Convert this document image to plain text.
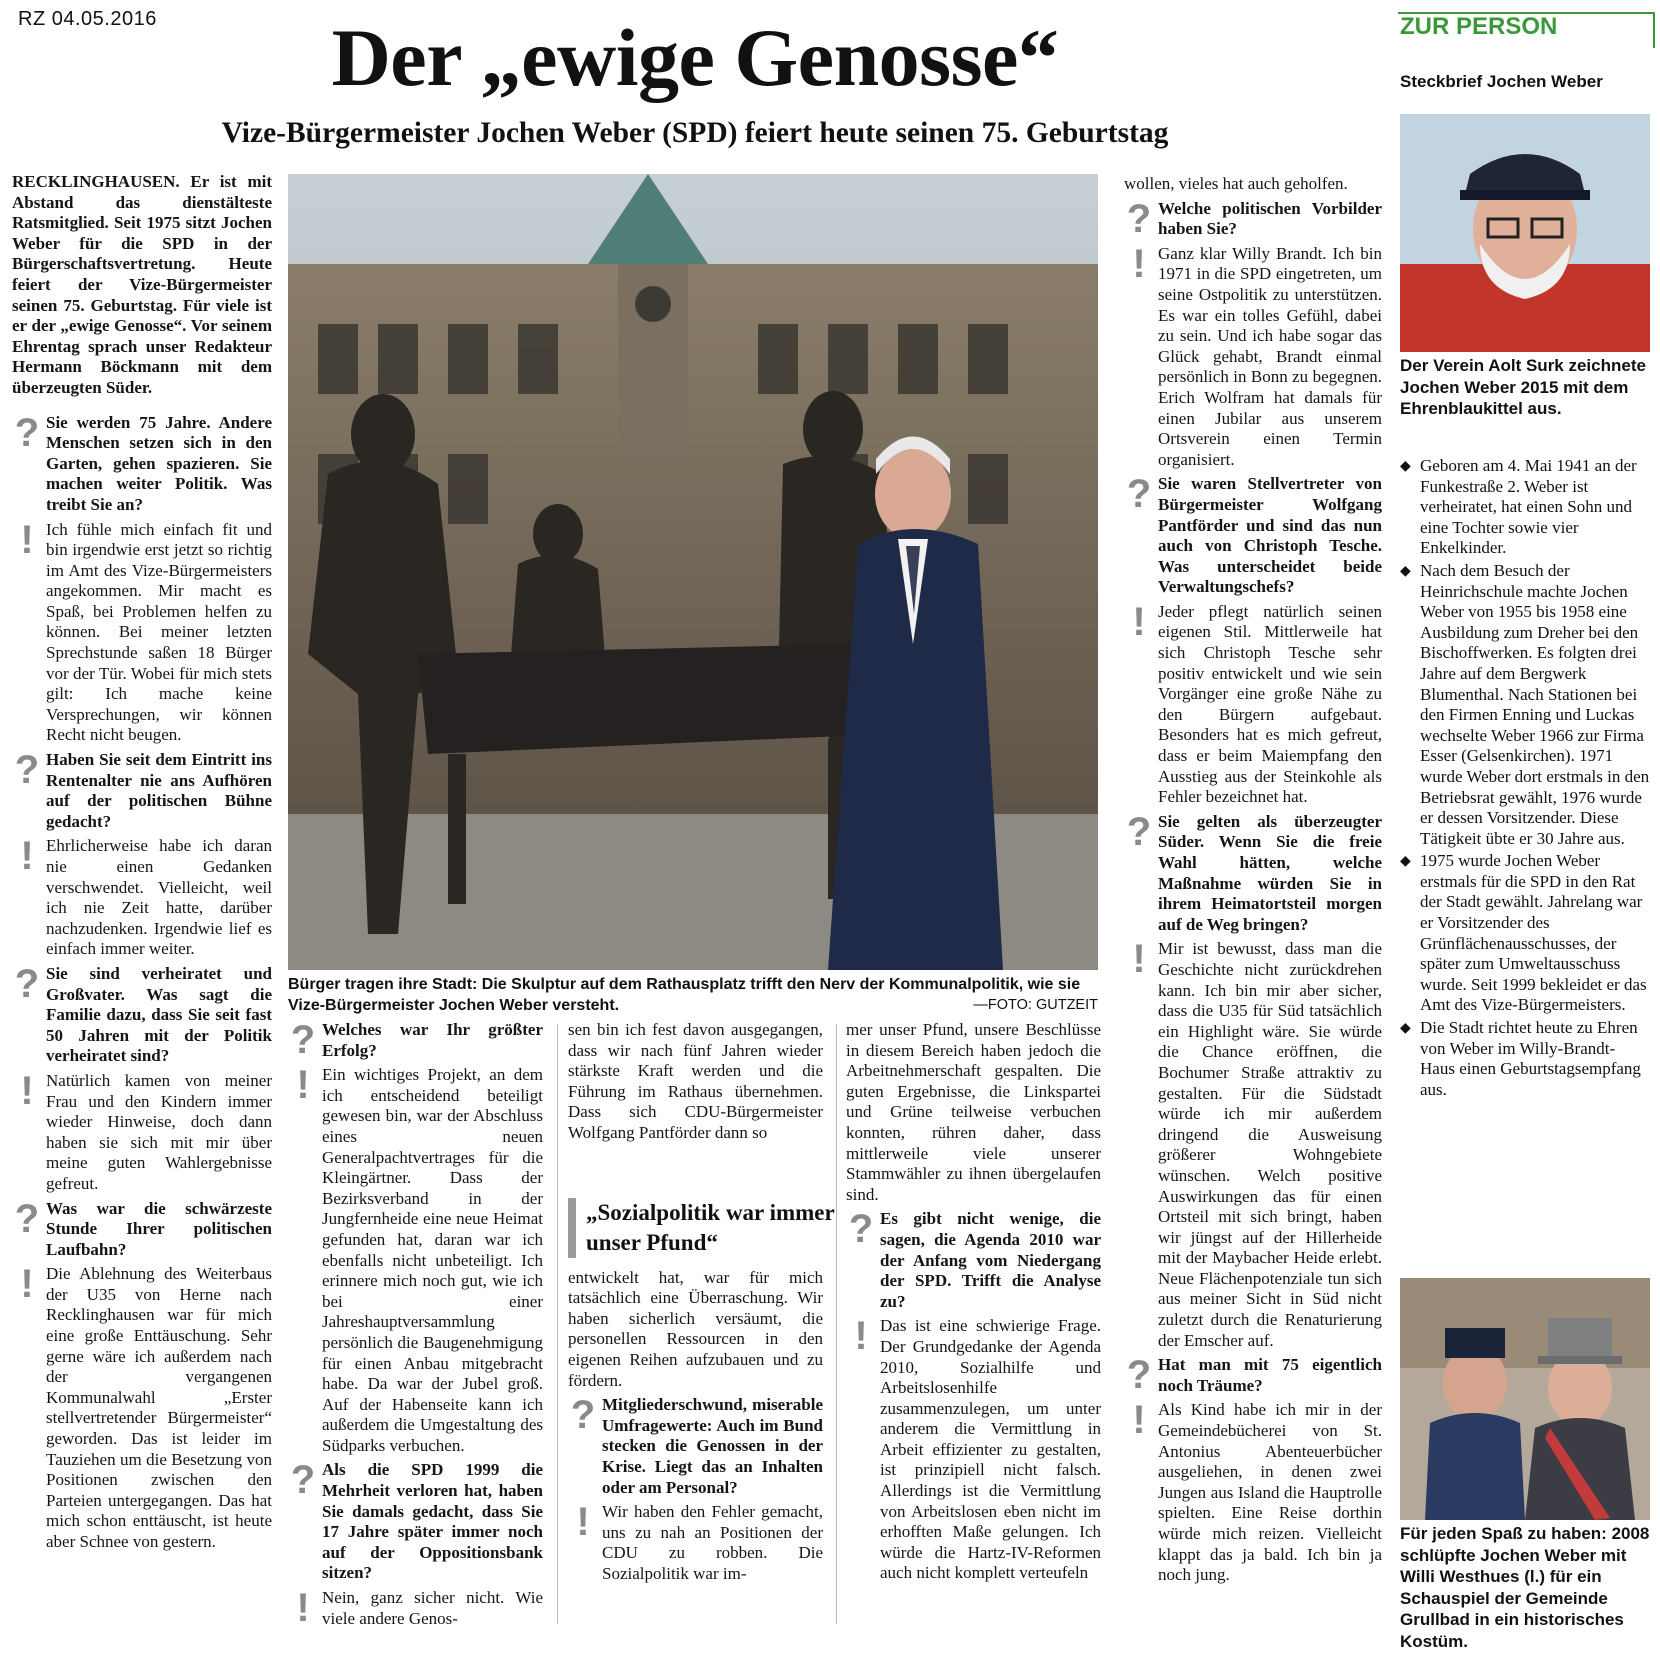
RZ 04.05.2016	Der „ewige Genosse“
Vize-Bürgermeister Jochen Weber (SPD) feiert heute seinen 75. Geburtstag

RECKLINGHAUSEN. Er ist mit Abstand das dienstälteste Ratsmitglied. Seit 1975 sitzt Jochen Weber für die SPD in der Bürgerschaftsvertretung. Heute feiert der Vize-Bürgermeister seinen 75. Geburtstag. Für viele ist er der „ewige Genosse“. Vor seinem Ehrentag sprach unser Redakteur Hermann Böckmann mit dem überzeugten Süder.

? Sie werden 75 Jahre. Andere Menschen setzen sich in den Garten, gehen spazieren. Sie machen weiter Politik. Was treibt Sie an?

! Ich fühle mich einfach fit und bin irgendwie erst jetzt so richtig im Amt des Vize-Bürgermeisters angekommen. Mir macht es Spaß, bei Problemen helfen zu können. Bei meiner letzten Sprechstunde saßen 18 Bürger vor der Tür. Wobei für mich stets gilt: Ich mache keine Versprechungen, wir können Recht nicht beugen.

? Haben Sie seit dem Eintritt ins Rentenalter nie ans Aufhören auf der politischen Bühne gedacht?

! Ehrlicherweise habe ich daran nie einen Gedanken verschwendet. Vielleicht, weil ich nie Zeit hatte, darüber nachzudenken. Irgendwie lief es einfach immer weiter.

? Sie sind verheiratet und Großvater. Was sagt die Familie dazu, dass Sie seit fast 50 Jahren mit der Politik verheiratet sind?

! Natürlich kamen von meiner Frau und den Kindern immer wieder Hinweise, doch dann haben sie sich mit mir über meine guten Wahlergebnisse gefreut.

? Was war die schwärzeste Stunde Ihrer politischen Laufbahn?

! Die Ablehnung des Weiterbaus der U35 von Herne nach Recklinghausen war für mich eine große Enttäuschung. Sehr gerne wäre ich außerdem nach der vergangenen Kommunalwahl „Erster stellvertretender Bürgermeister“ geworden. Das ist leider im Tauziehen um die Besetzung von Positionen zwischen den Parteien untergegangen. Das hat mich schon enttäuscht, ist heute aber Schnee von gestern.

Bürger tragen ihre Stadt: Die Skulptur auf dem Rathausplatz trifft den Nerv der Kommunalpolitik, wie sie Vize-Bürgermeister Jochen Weber versteht.	—FOTO: GUTZEIT
? Welches war Ihr größter Erfolg?

! Ein wichtiges Projekt, an dem ich entscheidend beteiligt gewesen bin, war der Abschluss eines neuen Generalpachtvertrages für die Kleingärtner. Dass der Bezirksverband in der Jungfernheide eine neue Heimat gefunden hat, daran war ich ebenfalls nicht unbeteiligt. Ich erinnere mich noch gut, wie ich bei einer Jahreshauptversammlung persönlich die Baugenehmigung für einen Anbau mitgebracht habe. Da war der Jubel groß. Auf der Habenseite kann ich außerdem die Umgestaltung des Südparks verbuchen.

? Als die SPD 1999 die Mehrheit verloren hat, haben Sie damals gedacht, dass Sie 17 Jahre später immer noch auf der Oppositionsbank sitzen?

! Nein, ganz sicher nicht. Wie viele andere Genos-

sen bin ich fest davon ausgegangen, dass wir nach fünf Jahren wieder stärkste Kraft werden und die Führung im Rathaus übernehmen. Dass sich CDU-Bürgermeister Wolfgang Pantförder dann so

entwickelt hat, war für mich tatsächlich eine Überraschung. Wir haben sicherlich versäumt, die personellen Ressourcen in den eigenen Reihen aufzubauen und zu fördern.

? Mitgliederschwund, miserable Umfragewerte: Auch im Bund stecken die Genossen in der Krise. Liegt das an Inhalten oder am Personal?

! Wir haben den Fehler gemacht, uns zu nah an Positionen der CDU zu robben. Die Sozialpolitik war im-

„Sozialpolitik war immer unser Pfund“

mer unser Pfund, unsere Beschlüsse in diesem Bereich haben jedoch die Arbeitnehmerschaft gespalten. Die guten Ergebnisse, die Linkspartei und Grüne teilweise verbuchen konnten, rühren daher, dass mittlerweile viele unserer Stammwähler zu ihnen übergelaufen sind.

? Es gibt nicht wenige, die sagen, die Agenda 2010 war der Anfang vom Niedergang der SPD. Trifft die Analyse zu?

! Das ist eine schwierige Frage. Der Grundgedanke der Agenda 2010, Sozialhilfe und Arbeitslosenhilfe zusammenzulegen, um unter anderem die Vermittlung in Arbeit effizienter zu gestalten, ist prinzipiell nicht falsch. Allerdings ist die Vermittlung von Arbeitslosen eben nicht im erhofften Maße gelungen. Ich würde die Hartz-IV-Reformen auch nicht komplett verteufeln

wollen, vieles hat auch geholfen.

? Welche politischen Vorbilder haben Sie?

! Ganz klar Willy Brandt. Ich bin 1971 in die SPD eingetreten, um seine Ostpolitik zu unterstützen. Es war ein tolles Gefühl, dabei zu sein. Und ich habe sogar das Glück gehabt, Brandt einmal persönlich in Bonn zu begegnen. Erich Wolfram hat damals für einen Jubilar aus unserem Ortsverein einen Termin organisiert.

? Sie waren Stellvertreter von Bürgermeister Wolfgang Pantförder und sind das nun auch von Christoph Tesche. Was unterscheidet beide Verwaltungschefs?

! Jeder pflegt natürlich seinen eigenen Stil. Mittlerweile hat sich Christoph Tesche sehr positiv entwickelt und wie sein Vorgänger eine große Nähe zu den Bürgern aufgebaut. Besonders hat es mich gefreut, dass er beim Maiempfang den Ausstieg aus der Steinkohle als Fehler bezeichnet hat.

? Sie gelten als überzeugter Süder. Wenn Sie die freie Wahl hätten, welche Maßnahme würden Sie in ihrem Heimatortsteil morgen auf de Weg bringen?

! Mir ist bewusst, dass man die Geschichte nicht zurückdrehen kann. Ich bin mir aber sicher, dass die U35 für Süd tatsächlich ein Highlight wäre. Sie würde die Chance eröffnen, die Bochumer Straße attraktiv zu gestalten. Für die Südstadt würde ich mir außerdem dringend die Ausweisung größerer Wohngebiete wünschen. Welch positive Auswirkungen das für einen Ortsteil mit sich bringt, haben wir jüngst auf der Hillerheide mit der Maybacher Heide erlebt. Neue Flächenpotenziale tun sich aus meiner Sicht in Süd nicht zuletzt durch die Renaturierung der Emscher auf.

? Hat man mit 75 eigentlich noch Träume?

! Als Kind habe ich mir in der Gemeindebücherei von St. Antonius Abenteuerbücher ausgeliehen, in denen zwei Jungen aus Island die Hauptrolle spielten. Eine Reise dorthin würde mich reizen. Vielleicht klappt das ja bald. Ich bin ja noch jung.

ZUR PERSON
Steckbrief Jochen Weber
Der Verein Aolt Surk zeichnete Jochen Weber 2015 mit dem Ehrenblaukittel aus.
◆ Geboren am 4. Mai 1941 an der Funkestraße 2. Weber ist verheiratet, hat einen Sohn und eine Tochter sowie vier Enkelkinder.
◆ Nach dem Besuch der Heinrichschule machte Jochen Weber von 1955 bis 1958 eine Ausbildung zum Dreher bei den Bischoffwerken. Es folgten drei Jahre auf dem Bergwerk Blumenthal. Nach Stationen bei den Firmen Enning und Luckas wechselte Weber 1966 zur Firma Esser (Gelsenkirchen). 1971 wurde Weber dort erstmals in den Betriebsrat gewählt, 1976 wurde er dessen Vorsitzender. Diese Tätigkeit übte er 30 Jahre aus.
◆ 1975 wurde Jochen Weber erstmals für die SPD in den Rat der Stadt gewählt. Jahrelang war er Vorsitzender des Grünflächenausschusses, der später zum Umweltausschuss wurde. Seit 1999 bekleidet er das Amt des Vize-Bürgermeisters.
◆ Die Stadt richtet heute zu Ehren von Weber im Willy-Brandt-Haus einen Geburtstagsempfang aus.
Für jeden Spaß zu haben: 2008 schlüpfte Jochen Weber mit Willi Westhues (l.) für ein Schauspiel der Gemeinde Grullbad in ein historisches Kostüm.
